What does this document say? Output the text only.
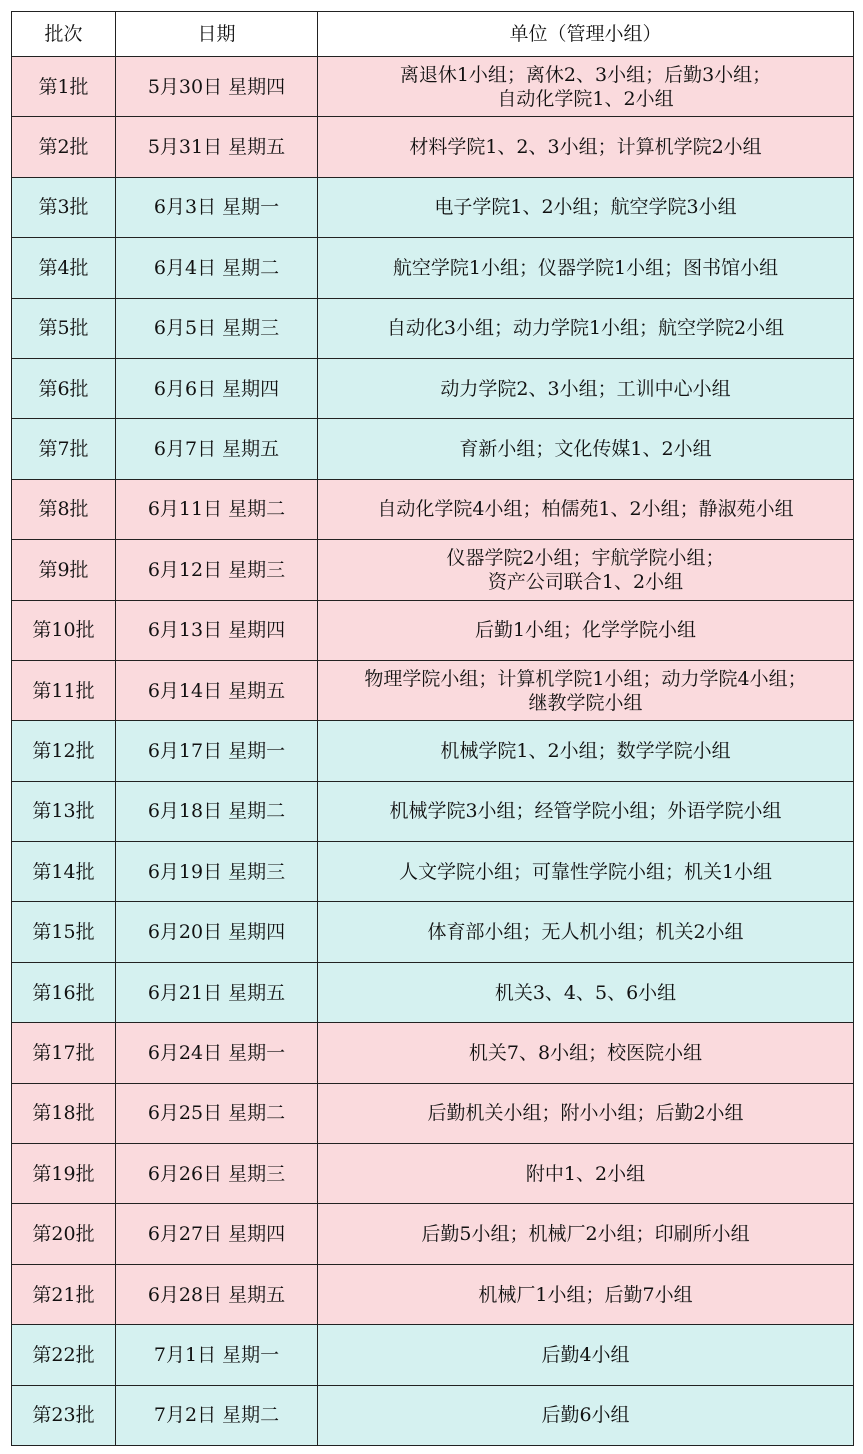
批次	日期	单位（管理小组）
第1批	5月30日 星期四	离退休1小组；离休2、3小组；后勤3小组；
自动化学院1、2小组
第2批	5月31日 星期五	材料学院1、2、3小组；计算机学院2小组
第3批	6月3日 星期一	电子学院1、2小组；航空学院3小组
第4批	6月4日 星期二	航空学院1小组；仪器学院1小组；图书馆小组
第5批	6月5日 星期三	自动化3小组；动力学院1小组；航空学院2小组
第6批	6月6日 星期四	动力学院2、3小组；工训中心小组
第7批	6月7日 星期五	育新小组；文化传媒1、2小组
第8批	6月11日 星期二	自动化学院4小组；柏儒苑1、2小组；静淑苑小组
第9批	6月12日 星期三	仪器学院2小组；宇航学院小组；
资产公司联合1、2小组
第10批	6月13日 星期四	后勤1小组；化学学院小组
第11批	6月14日 星期五	物理学院小组；计算机学院1小组；动力学院4小组；
继教学院小组
第12批	6月17日 星期一	机械学院1、2小组；数学学院小组
第13批	6月18日 星期二	机械学院3小组；经管学院小组；外语学院小组
第14批	6月19日 星期三	人文学院小组；可靠性学院小组；机关1小组
第15批	6月20日 星期四	体育部小组；无人机小组；机关2小组
第16批	6月21日 星期五	机关3、4、5、6小组
第17批	6月24日 星期一	机关7、8小组；校医院小组
第18批	6月25日 星期二	后勤机关小组；附小小组；后勤2小组
第19批	6月26日 星期三	附中1、2小组
第20批	6月27日 星期四	后勤5小组；机械厂2小组；印刷所小组
第21批	6月28日 星期五	机械厂1小组；后勤7小组
第22批	7月1日 星期一	后勤4小组
第23批	7月2日 星期二	后勤6小组
